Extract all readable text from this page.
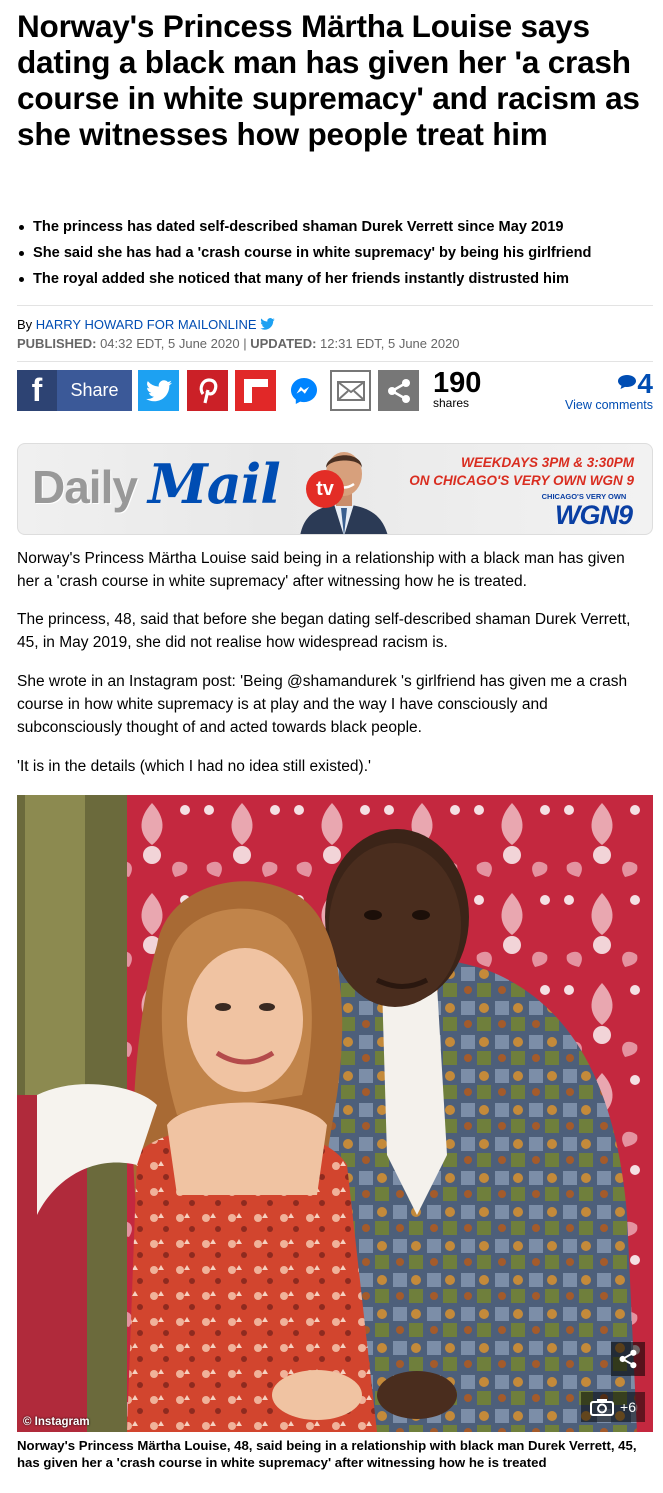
Norway's Princess Märtha Louise says dating a black man has given her 'a crash course in white supremacy' and racism as she witnesses how people treat him
The princess has dated self-described shaman Durek Verrett since May 2019
She said she has had a 'crash course in white supremacy' by being his girlfriend
The royal added she noticed that many of her friends instantly distrusted him
By HARRY HOWARD FOR MAILONLINE
PUBLISHED: 04:32 EDT, 5 June 2020 | UPDATED: 12:31 EDT, 5 June 2020
f	Share	190
shares
4
View comments
Daily Mail	tv
WEEKDAYS 3PM & 3:30PM
ON CHICAGO'S VERY OWN WGN 9
CHICAGO'S VERY OWN
WGN9

Norway's Princess Märtha Louise said being in a relationship with a black man has given her a 'crash course in white supremacy' after witnessing how he is treated.

The princess, 48, said that before she began dating self-described shaman Durek Verrett, 45, in May 2019, she did not realise how widespread racism is.

She wrote in an Instagram post: 'Being @shamandurek 's girlfriend has given me a crash course in how white supremacy is at play and the way I have consciously and subconsciously thought of and acted towards black people.

'It is in the details (which I had no idea still existed).'

© Instagram
+6

Norway's Princess Märtha Louise, 48, said being in a relationship with black man Durek Verrett, 45, has given her a 'crash course in white supremacy' after witnessing how he is treated
